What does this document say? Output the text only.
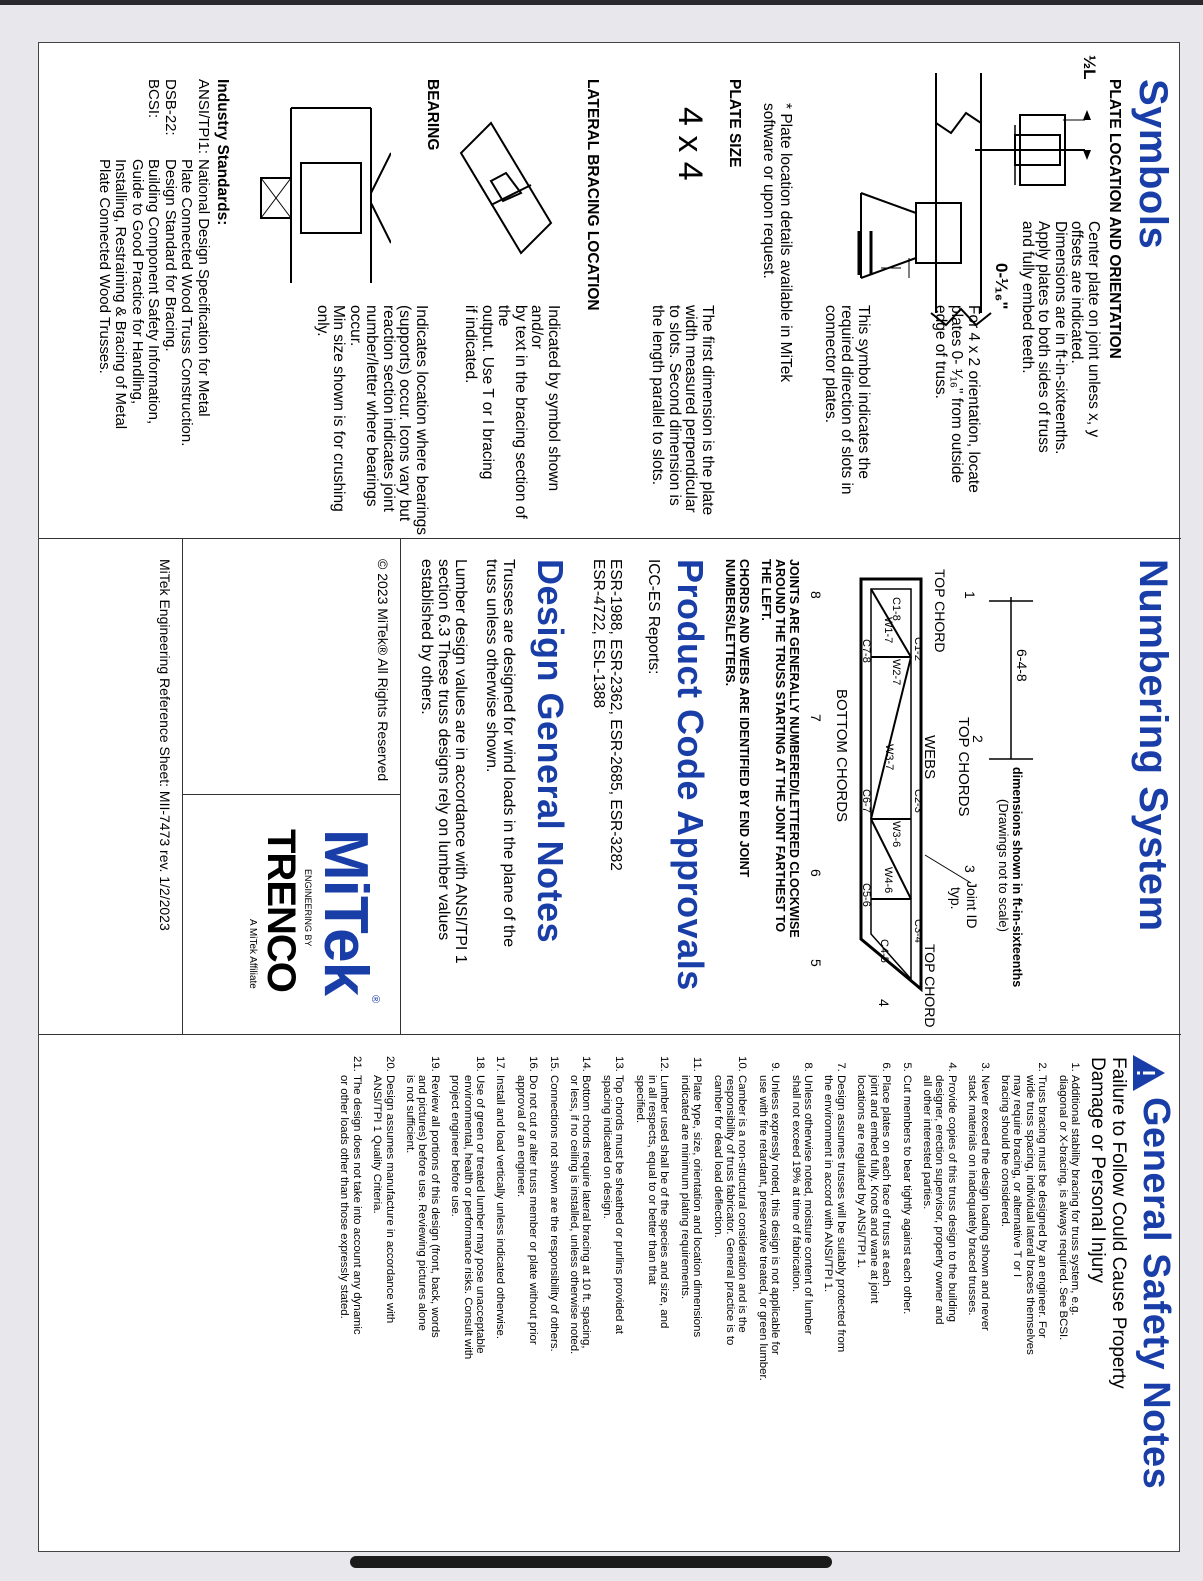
Symbols
PLATE LOCATION AND ORIENTATION
½L

Center plate on joint unless x, y
offsets are indicated.
Dimensions are in ft-in-sixteenths.
Apply plates to both sides of truss
and fully embed teeth.

0-¹⁄₁₆"

For 4 x 2 orientation, locate
plates 0- ¹⁄₁₆" from outside
edge of truss.

This symbol indicates the
required direction of slots in
connector plates.

* Plate location details available in MiTek
software or upon request.

PLATE SIZE
4 x 4

The first dimension is the plate
width measured perpendicular
to slots. Second dimension is
the length parallel to slots.

LATERAL BRACING LOCATION

Indicated by symbol shown and/or
by text in the bracing section of the
output. Use T or I bracing
if indicated.

BEARING

Indicates location where bearings
(supports) occur. Icons vary but
reaction section indicates joint
number/letter where bearings occur.
Min size shown is for crushing only.

Industry Standards:
ANSI/TPI1:
National Design Specification for Metal
Plate Connected Wood Truss Construction.
DSB-22:
Design Standard for Bracing.
BCSI:
Building Component Safety Information,
Guide to Good Practice for Handling,
Installing, Restraining & Bracing of Metal
Plate Connected Wood Trusses.
Numbering System
6-4-8
dimensions shown in ft-in-sixteenths
(Drawings not to scale)
Joint ID
typ.
C1-8
C1-2
C2-3
C3-4
C4-5
C5-6
C6-7
C7-8
W1-7
W2-7
W3-7
W3-6
W4-6
TOP CHORDS
WEBS
BOTTOM CHORDS
TOP CHORD
TOP CHORD
1
2
3
4
5
6
7
8

JOINTS ARE GENERALLY NUMBERED/LETTERED CLOCKWISE
AROUND THE TRUSS STARTING AT THE JOINT FARTHEST TO
THE LEFT.

CHORDS AND WEBS ARE IDENTIFIED BY END JOINT
NUMBERS/LETTERS.

Product Code Approvals

ICC-ES Reports:

ESR-1988, ESR-2362, ESR-2685, ESR-3282
ESR-4722, ESL-1388

Design General Notes

Trusses are designed for wind loads in the plane of the
truss unless otherwise shown.

Lumber design values are in accordance with ANSI/TPI 1
section 6.3 These truss designs rely on lumber values
established by others.

© 2023 MiTek® All Rights Reserved
MiTek®
ENGINEERING BY
TRENCO
A MiTek Affiliate
MiTek Engineering Reference Sheet: MII-7473 rev. 1/2/2023
General Safety Notes

Failure to Follow Could Cause Property
Damage or Personal Injury

1. Additional stability bracing for truss system, e.g.
diagonal or X-bracing, is always required. See BCSI.
2. Truss bracing must be designed by an engineer. For
wide truss spacing, individual lateral braces themselves
may require bracing, or alternative T or I
bracing should be considered.
3. Never exceed the design loading shown and never
stack materials on inadequately braced trusses.
4. Provide copies of this truss design to the building
designer, erection supervisor, property owner and
all other interested parties.
5. Cut members to bear tightly against each other.
6. Place plates on each face of truss at each
joint and embed fully. Knots and wane at joint
locations are regulated by ANSI/TPI 1.
7. Design assumes trusses will be suitably protected from
the environment in accord with ANSI/TPI 1.
8. Unless otherwise noted, moisture content of lumber
shall not exceed 19% at time of fabrication.
9. Unless expressly noted, this design is not applicable for
use with fire retardant, preservative treated, or green lumber.
10. Camber is a non-structural consideration and is the
responsibility of truss fabricator. General practice is to
camber for dead load deflection.
11. Plate type, size, orientation and location dimensions
indicated are minimum plating requirements.
12. Lumber used shall be of the species and size, and
in all respects, equal to or better than that
specified.
13. Top chords must be sheathed or purlins provided at
spacing indicated on design.
14. Bottom chords require lateral bracing at 10 ft. spacing,
or less, if no ceiling is installed, unless otherwise noted.
15. Connections not shown are the responsibility of others.
16. Do not cut or alter truss member or plate without prior
approval of an engineer.
17. Install and load vertically unless indicated otherwise.
18. Use of green or treated lumber may pose unacceptable
environmental, health or performance risks. Consult with
project engineer before use.
19. Review all portions of this design (front, back, words
and pictures) before use. Reviewing pictures alone
is not sufficient.
20. Design assumes manufacture in accordance with
ANSI/TPI 1 Quality Criteria.
21. The design does not take into account any dynamic
or other loads other than those expressly stated.
